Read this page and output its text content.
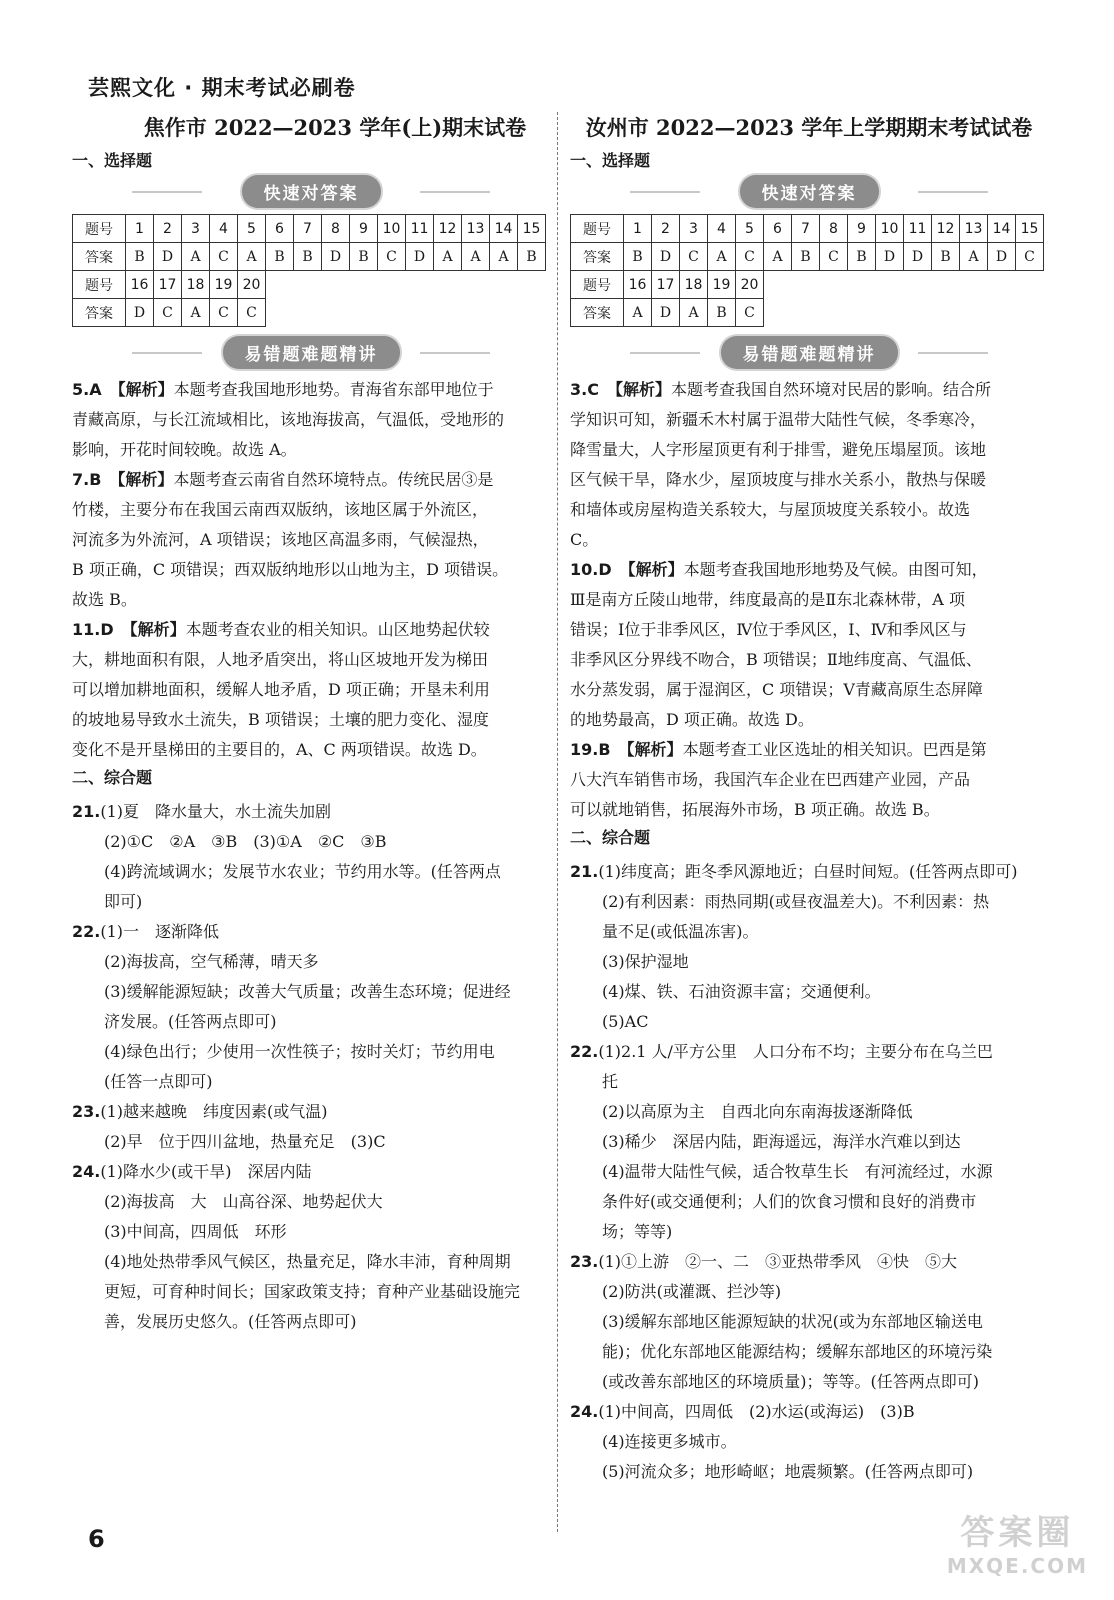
芸熙文化 · 期末考试必刷卷
焦作市 2022—2023 学年(上)期末试卷
一、选择题
快速对答案
题号	1	2	3	4	5	6	7	8	9	10	11	12	13	14	15
答案	B	D	A	C	A	B	B	D	B	C	D	A	A	A	B
题号	16	17	18	19	20										
答案	D	C	A	C	C										
易错题难题精讲
5.A  【解析】本题考查我国地形地势。青海省东部甲地位于
青藏高原，与长江流域相比，该地海拔高，气温低，受地形的
影响，开花时间较晚。故选 A。
7.B  【解析】本题考查云南省自然环境特点。传统民居③是
竹楼，主要分布在我国云南西双版纳，该地区属于外流区，
河流多为外流河，A 项错误；该地区高温多雨，气候湿热，
B 项正确，C 项错误；西双版纳地形以山地为主，D 项错误。
故选 B。
11.D  【解析】本题考查农业的相关知识。山区地势起伏较
大，耕地面积有限，人地矛盾突出，将山区坡地开发为梯田
可以增加耕地面积，缓解人地矛盾，D 项正确；开垦未利用
的坡地易导致水土流失，B 项错误；土壤的肥力变化、湿度
变化不是开垦梯田的主要目的，A、C 两项错误。故选 D。
二、综合题
21.(1)夏　降水量大，水土流失加剧
(2)①C　②A　③B　(3)①A　②C　③B
(4)跨流域调水；发展节水农业；节约用水等。(任答两点
即可)
22.(1)一　逐渐降低
(2)海拔高，空气稀薄，晴天多
(3)缓解能源短缺；改善大气质量；改善生态环境；促进经
济发展。(任答两点即可)
(4)绿色出行；少使用一次性筷子；按时关灯；节约用电
(任答一点即可)
23.(1)越来越晚　纬度因素(或气温)
(2)早　位于四川盆地，热量充足　(3)C
24.(1)降水少(或干旱)　深居内陆
(2)海拔高　大　山高谷深、地势起伏大
(3)中间高，四周低　环形
(4)地处热带季风气候区，热量充足，降水丰沛，育种周期
更短，可育种时间长；国家政策支持；育种产业基础设施完
善，发展历史悠久。(任答两点即可)
汝州市 2022—2023 学年上学期期末考试试卷
一、选择题
快速对答案
题号	1	2	3	4	5	6	7	8	9	10	11	12	13	14	15
答案	B	D	C	A	C	A	B	C	B	D	D	B	A	D	C
题号	16	17	18	19	20										
答案	A	D	A	B	C										
易错题难题精讲
3.C  【解析】本题考查我国自然环境对民居的影响。结合所
学知识可知，新疆禾木村属于温带大陆性气候，冬季寒冷，
降雪量大，人字形屋顶更有利于排雪，避免压塌屋顶。该地
区气候干旱，降水少，屋顶坡度与排水关系小，散热与保暖
和墙体或房屋构造关系较大，与屋顶坡度关系较小。故选
C。
10.D  【解析】本题考查我国地形地势及气候。由图可知，
Ⅲ是南方丘陵山地带，纬度最高的是Ⅱ东北森林带，A 项
错误；Ⅰ位于非季风区，Ⅳ位于季风区，Ⅰ、Ⅳ和季风区与
非季风区分界线不吻合，B 项错误；Ⅱ地纬度高、气温低、
水分蒸发弱，属于湿润区，C 项错误；Ⅴ青藏高原生态屏障
的地势最高，D 项正确。故选 D。
19.B  【解析】本题考查工业区选址的相关知识。巴西是第
八大汽车销售市场，我国汽车企业在巴西建产业园，产品
可以就地销售，拓展海外市场，B 项正确。故选 B。
二、综合题
21.(1)纬度高；距冬季风源地近；白昼时间短。(任答两点即可)
(2)有利因素：雨热同期(或昼夜温差大)。不利因素：热
量不足(或低温冻害)。
(3)保护湿地
(4)煤、铁、石油资源丰富；交通便利。
(5)AC
22.(1)2.1 人/平方公里　人口分布不均；主要分布在乌兰巴
托
(2)以高原为主　自西北向东南海拔逐渐降低
(3)稀少　深居内陆，距海遥远，海洋水汽难以到达
(4)温带大陆性气候，适合牧草生长　有河流经过，水源
条件好(或交通便利；人们的饮食习惯和良好的消费市
场；等等)
23.(1)①上游　②一、二　③亚热带季风　④快　⑤大
(2)防洪(或灌溉、拦沙等)
(3)缓解东部地区能源短缺的状况(或为东部地区输送电
能)；优化东部地区能源结构；缓解东部地区的环境污染
(或改善东部地区的环境质量)；等等。(任答两点即可)
24.(1)中间高，四周低　(2)水运(或海运)　(3)B
(4)连接更多城市。
(5)河流众多；地形崎岖；地震频繁。(任答两点即可)
6	答案圈
MXQE.COM
